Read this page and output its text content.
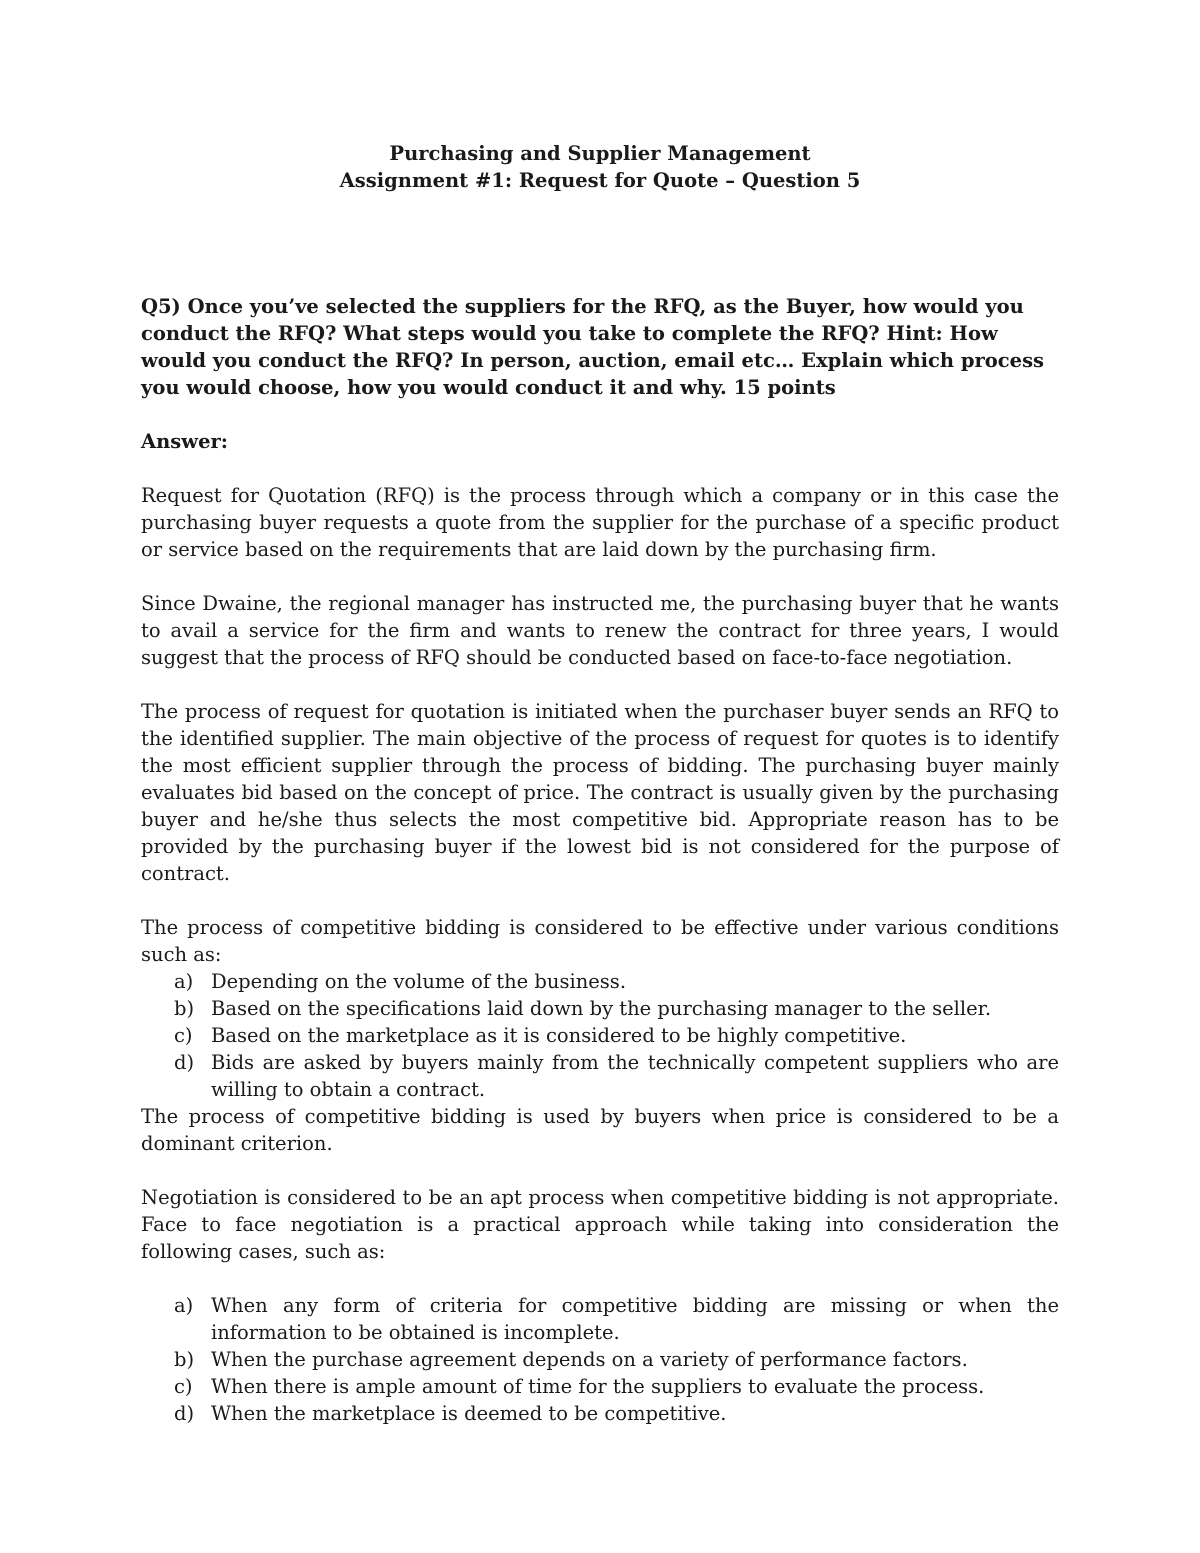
Purchasing and Supplier Management

Assignment #1: Request for Quote – Question 5

Q5) Once you’ve selected the suppliers for the RFQ, as the Buyer, how would you conduct the RFQ? What steps would you take to complete the RFQ? Hint: How would you conduct the RFQ? In person, auction, email etc… Explain which process you would choose, how you would conduct it and why. 15 points

Answer:

Request for Quotation (RFQ) is the process through which a company or in this case the purchasing buyer requests a quote from the supplier for the purchase of a specific product or service based on the requirements that are laid down by the purchasing firm.

Since Dwaine, the regional manager has instructed me, the purchasing buyer that he wants to avail a service for the firm and wants to renew the contract for three years, I would suggest that the process of RFQ should be conducted based on face-to-face negotiation.

The process of request for quotation is initiated when the purchaser buyer sends an RFQ to the identified supplier. The main objective of the process of request for quotes is to identify the most efficient supplier through the process of bidding. The purchasing buyer mainly evaluates bid based on the concept of price. The contract is usually given by the purchasing buyer and he/she thus selects the most competitive bid. Appropriate reason has to be provided by the purchasing buyer if the lowest bid is not considered for the purpose of contract.

The process of competitive bidding is considered to be effective under various conditions such as:

a) Depending on the volume of the business.
b) Based on the specifications laid down by the purchasing manager to the seller.
c) Based on the marketplace as it is considered to be highly competitive.
d) Bids are asked by buyers mainly from the technically competent suppliers who are willing to obtain a contract.

The process of competitive bidding is used by buyers when price is considered to be a dominant criterion.

Negotiation is considered to be an apt process when competitive bidding is not appropriate. Face to face negotiation is a practical approach while taking into consideration the following cases, such as:

a) When any form of criteria for competitive bidding are missing or when the information to be obtained is incomplete.
b) When the purchase agreement depends on a variety of performance factors.
c) When there is ample amount of time for the suppliers to evaluate the process.
d) When the marketplace is deemed to be competitive.
